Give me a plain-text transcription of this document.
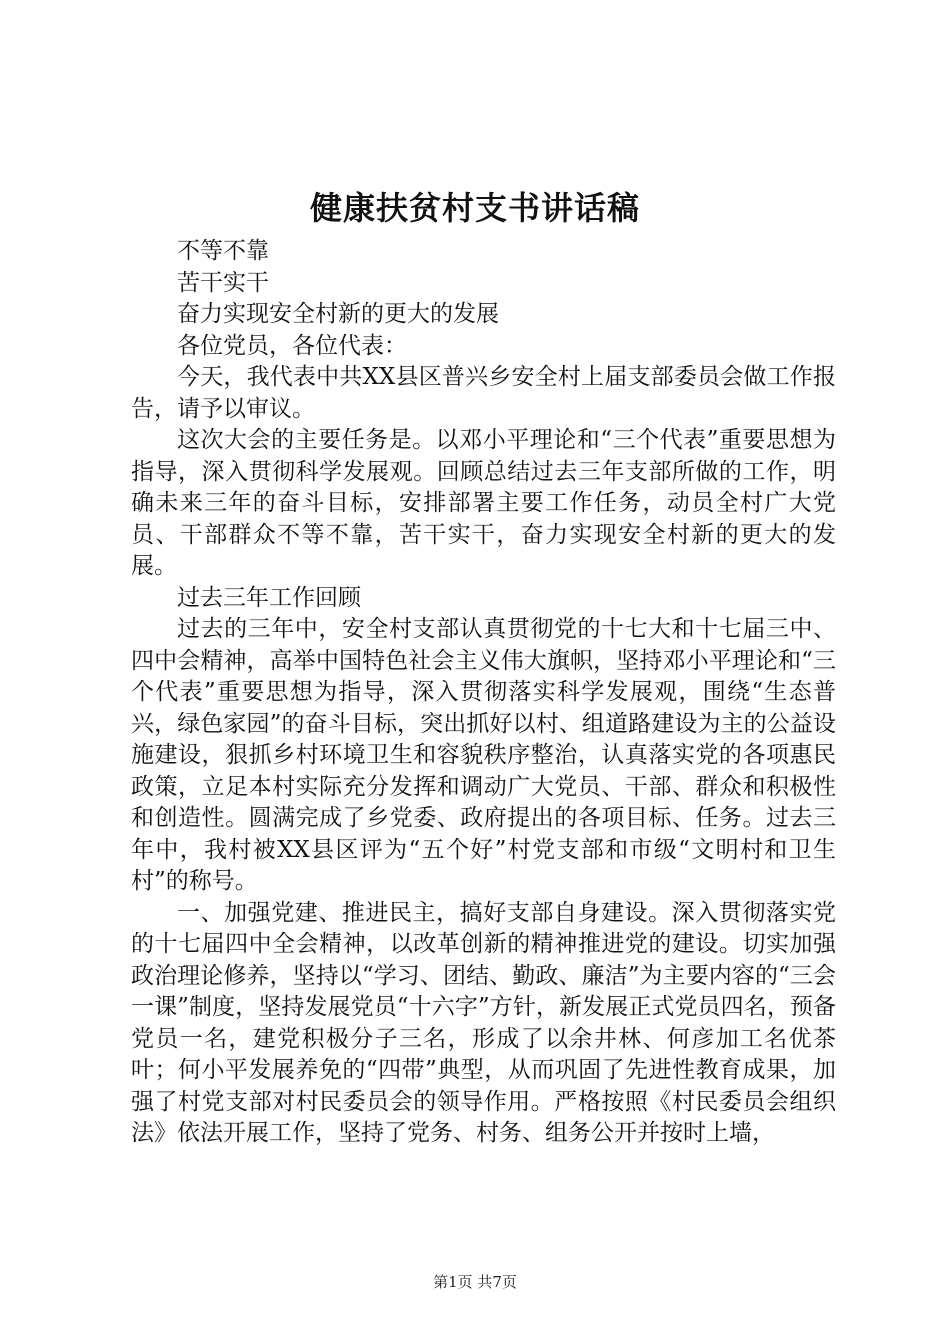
健康扶贫村支书讲话稿

不等不靠

苦干实干

奋力实现安全村新的更大的发展

各位党员，各位代表：

今天，我代表中共XX县区普兴乡安全村上届支部委员会做工作报告，请予以审议。

这次大会的主要任务是。以邓小平理论和“三个代表”重要思想为指导，深入贯彻科学发展观。回顾总结过去三年支部所做的工作，明确未来三年的奋斗目标，安排部署主要工作任务，动员全村广大党员、干部群众不等不靠，苦干实干，奋力实现安全村新的更大的发展。

过去三年工作回顾

过去的三年中，安全村支部认真贯彻党的十七大和十七届三中、四中会精神，高举中国特色社会主义伟大旗帜，坚持邓小平理论和“三个代表”重要思想为指导，深入贯彻落实科学发展观，围绕“生态普兴，绿色家园”的奋斗目标，突出抓好以村、组道路建设为主的公益设施建设，狠抓乡村环境卫生和容貌秩序整治，认真落实党的各项惠民政策，立足本村实际充分发挥和调动广大党员、干部、群众和积极性和创造性。圆满完成了乡党委、政府提出的各项目标、任务。过去三年中，我村被XX县区评为“五个好”村党支部和市级“文明村和卫生村”的称号。

一、加强党建、推进民主，搞好支部自身建设。深入贯彻落实党的十七届四中全会精神，以改革创新的精神推进党的建设。切实加强政治理论修养，坚持以“学习、团结、勤政、廉洁”为主要内容的“三会一课”制度，坚持发展党员“十六字”方针，新发展正式党员四名，预备党员一名，建党积极分子三名，形成了以余井林、何彦加工名优茶叶；何小平发展养免的“四带”典型，从而巩固了先进性教育成果，加强了村党支部对村民委员会的领导作用。严格按照《村民委员会组织法》依法开展工作，坚持了党务、村务、组务公开并按时上墙，

第1页 共7页
